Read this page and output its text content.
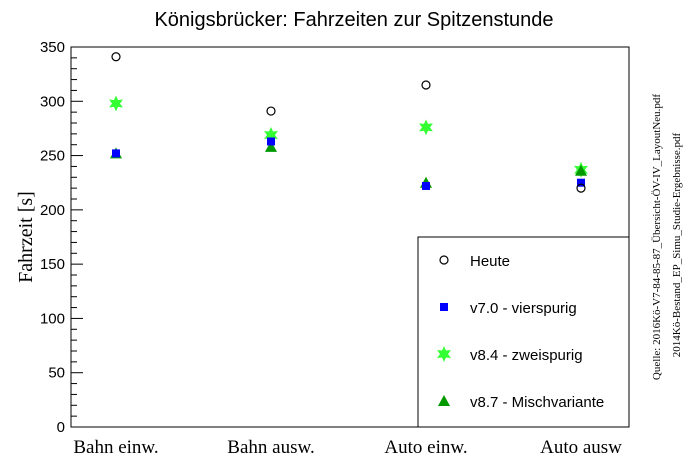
Königsbrücker: Fahrzeiten zur Spitzenstunde
Fahrzeit [s]
0
50
100
150
200
250
300
350
Bahn einw.	Bahn ausw.	Auto einw.	Auto ausw
Heute
v7.0 - vierspurig
v8.4 - zweispurig
v8.7 - Mischvariante
Quelle: 2016Kö-V7-84-85-87_Übersicht-ÖV-IV_LayoutNeu.pdf 2014Kö-Bestand_EP_Simu_Studie-Ergebnisse.pdf
